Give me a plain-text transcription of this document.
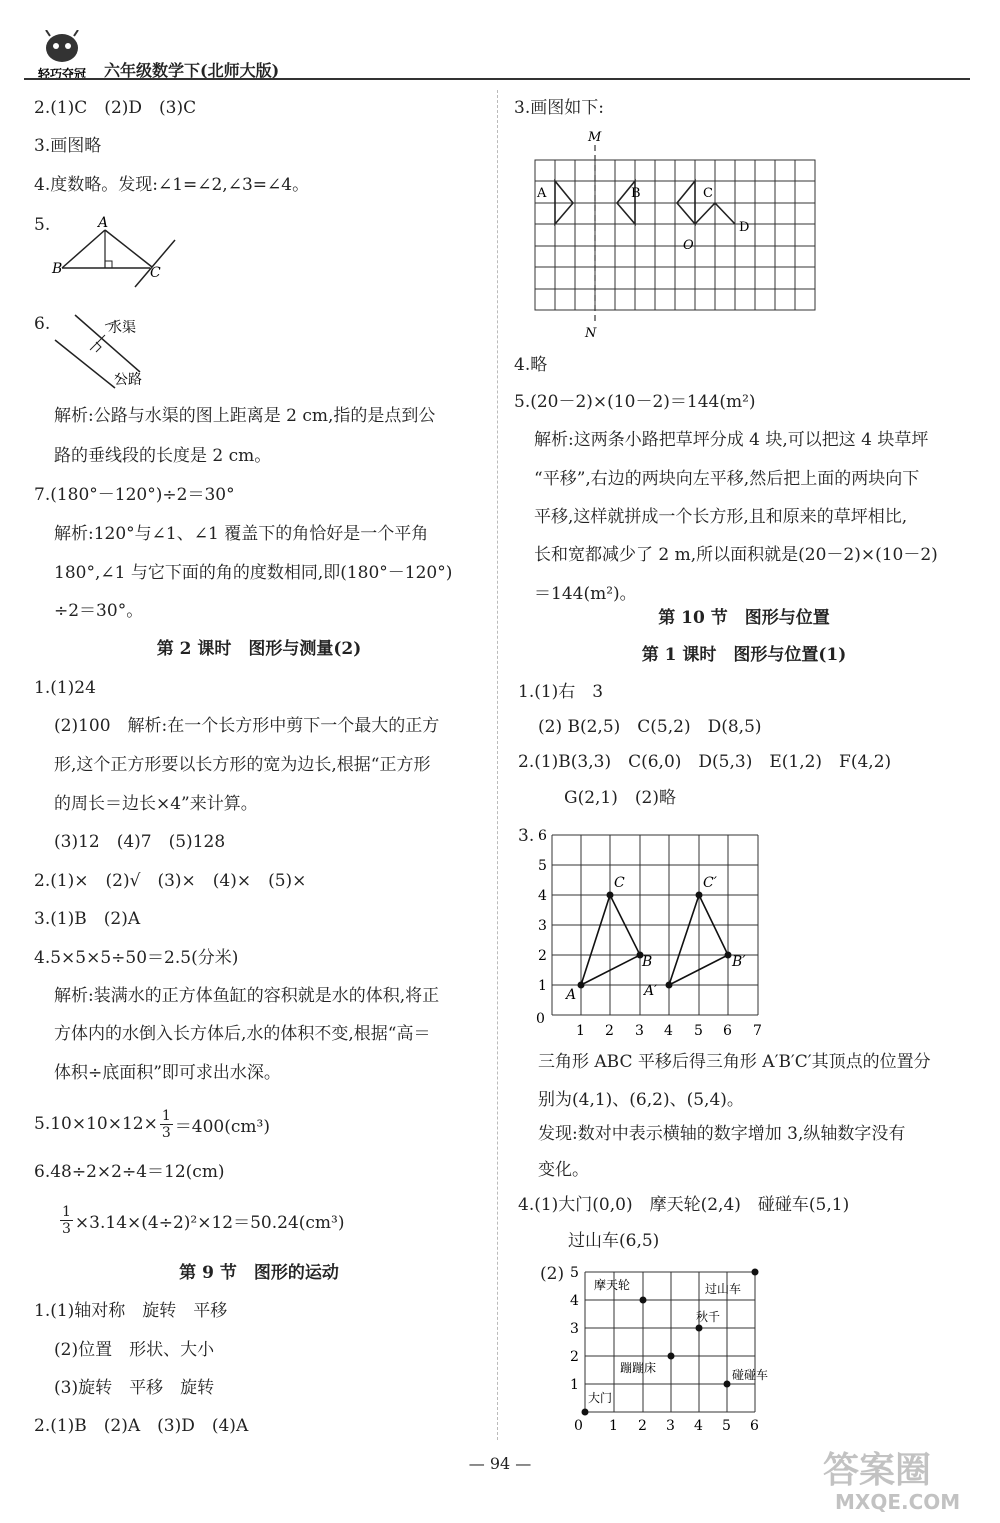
轻巧夺冠 六年级数学下(北师大版)
2.(1)C　(2)D　(3)C
3.画图略
4.度数略。发现:∠1=∠2,∠3=∠4。
5.	A
B	C
6.	水渠
公路
解析:公路与水渠的图上距离是 2 cm,指的是点到公
路的垂线段的长度是 2 cm。
7.(180°－120°)÷2＝30°
解析:120°与∠1、∠1 覆盖下的角恰好是一个平角
180°,∠1 与它下面的角的度数相同,即(180°－120°)
÷2＝30°。
第 2 课时　图形与测量(2)
1.(1)24
(2)100　解析:在一个长方形中剪下一个最大的正方
形,这个正方形要以长方形的宽为边长,根据“正方形
的周长＝边长×4”来计算。
(3)12　(4)7　(5)128
2.(1)×　(2)√　(3)×　(4)×　(5)×
3.(1)B　(2)A
4.5×5×5÷50＝2.5(分米)
解析:装满水的正方体鱼缸的容积就是水的体积,将正
方体内的水倒入长方体后,水的体积不变,根据“高＝
体积÷底面积”即可求出水深。
$5.10\times 10\times 12\times \frac{1}{3} =400(cm^3)$
6.48÷2×2÷4＝12(cm)
$\frac{1}{3} \times 3.14\times(4\div 2)^2\times 12=50.24(cm^3)$
第 9 节　图形的运动
1.(1)轴对称　旋转　平移
(2)位置　形状、大小
(3)旋转　平移　旋转
2.(1)B　(2)A　(3)D　(4)A
3.画图如下:
M
N
A	B	C
D
O
4.略
5.(20－2)×(10－2)＝144(m²)
解析:这两条小路把草坪分成 4 块,可以把这 4 块草坪
“平移”,右边的两块向左平移,然后把上面的两块向下
平移,这样就拼成一个长方形,且和原来的草坪相比,
长和宽都减少了 2 m,所以面积就是(20－2)×(10－2)
＝144(m²)。
第 10 节　图形与位置
第 1 课时　图形与位置(1)
1.(1)右　3
(2) B(2,5)　C(5,2)　D(8,5)
2.(1)B(3,3)　C(6,0)　D(5,3)　E(1,2)　F(4,2)
G(2,1)　(2)略
3.
1 2 3 4 5 6 7
0
1
2
3
4
5
6
A
C
B
A′
C′
B′
三角形 ABC 平移后得三角形 A′B′C′其顶点的位置分
别为(4,1)、(6,2)、(5,4)。
发现:数对中表示横轴的数字增加 3,纵轴数字没有
变化。
4.(1)大门(0,0)　摩天轮(2,4)　碰碰车(5,1)
过山车(6,5)
(2)
0 1 2 3 4 5 6
1
2
3
4
5
大门
摩天轮	过山车
秋千
蹦蹦床	碰碰车
— 94 —	答案圈
MXQE.COM
